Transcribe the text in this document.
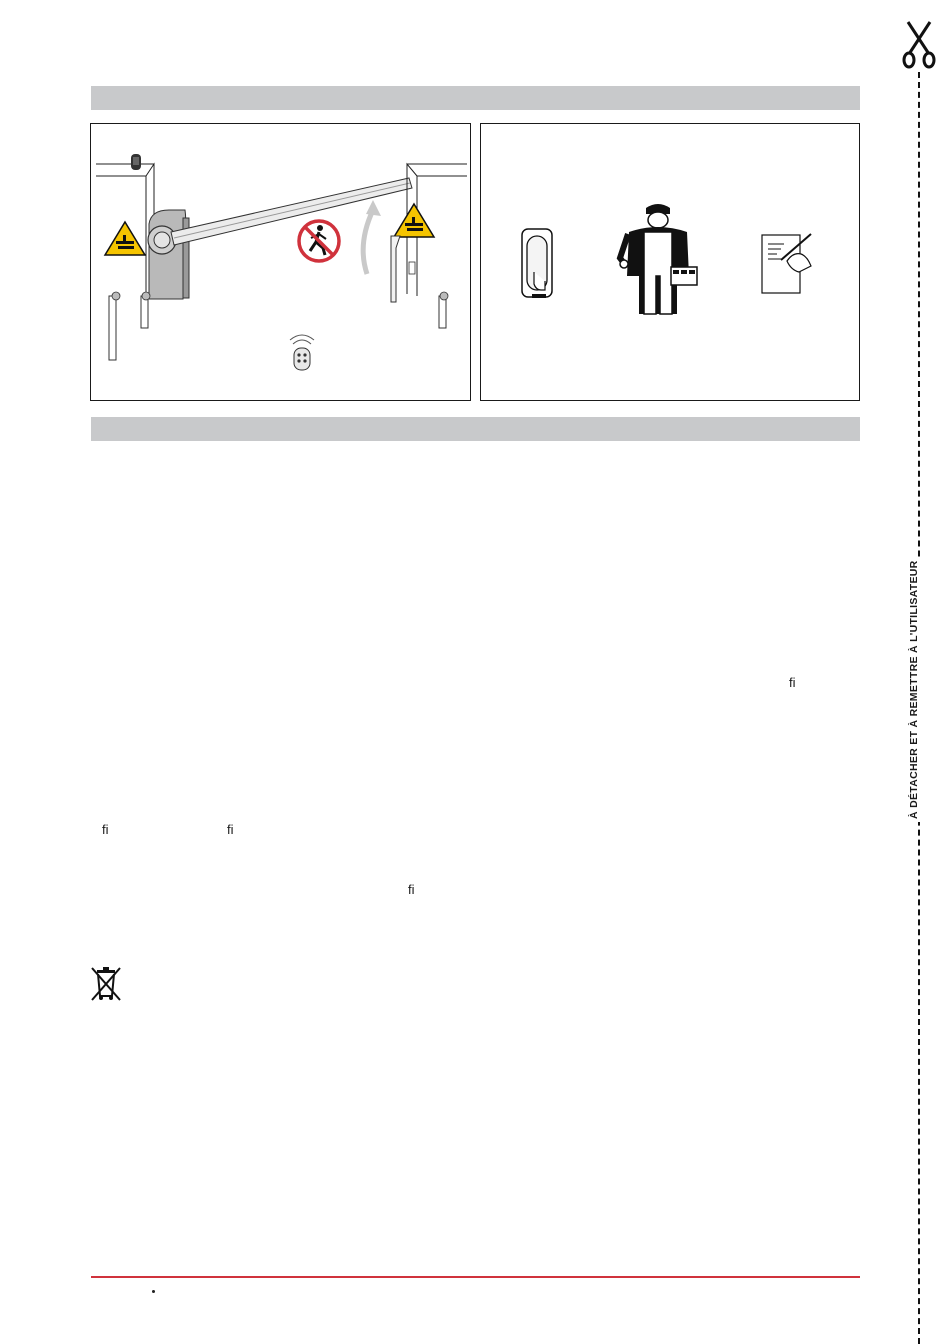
À DÉTACHER ET À REMETTRE À L'UTILISATEUR
fi
fi	fi
fi
